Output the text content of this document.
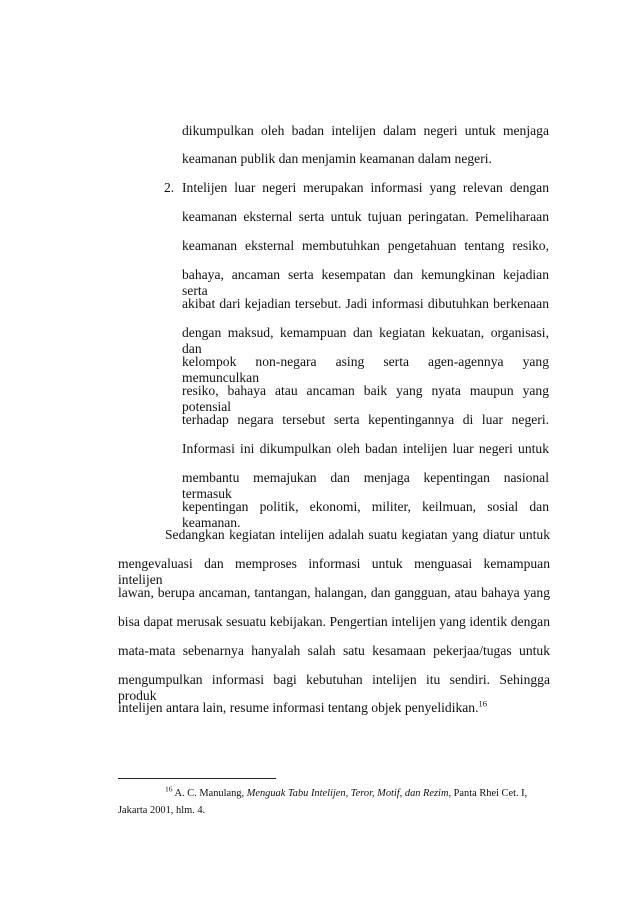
dikumpulkan oleh badan intelijen dalam negeri untuk menjaga
keamanan publik dan menjamin keamanan dalam negeri.
2. Intelijen luar negeri merupakan informasi yang relevan dengan
keamanan eksternal serta untuk tujuan peringatan. Pemeliharaan
keamanan eksternal membutuhkan pengetahuan tentang resiko,
bahaya, ancaman serta kesempatan dan kemungkinan kejadian serta
akibat dari kejadian tersebut. Jadi informasi dibutuhkan berkenaan
dengan maksud, kemampuan dan kegiatan kekuatan, organisasi, dan
kelompok non-negara asing serta agen-agennya yang memunculkan
resiko, bahaya atau ancaman baik yang nyata maupun yang potensial
terhadap negara tersebut serta kepentingannya di luar negeri.
Informasi ini dikumpulkan oleh badan intelijen luar negeri untuk
membantu memajukan dan menjaga kepentingan nasional termasuk
kepentingan politik, ekonomi, militer, keilmuan, sosial dan keamanan.
Sedangkan kegiatan intelijen adalah suatu kegiatan yang diatur untuk
mengevaluasi dan memproses informasi untuk menguasai kemampuan intelijen
lawan, berupa ancaman, tantangan, halangan, dan gangguan, atau bahaya yang
bisa dapat merusak sesuatu kebijakan. Pengertian intelijen yang identik dengan
mata-mata sebenarnya hanyalah salah satu kesamaan pekerjaa/tugas untuk
mengumpulkan informasi bagi kebutuhan intelijen itu sendiri. Sehingga produk
intelijen antara lain, resume informasi tentang objek penyelidikan.$^{16}$
$^{16}$ A. C. Manulang, Menguak Tabu Intelijen, Teror, Motif, dan Rezim, Panta Rhei Cet. I,
Jakarta 2001, hlm. 4.
